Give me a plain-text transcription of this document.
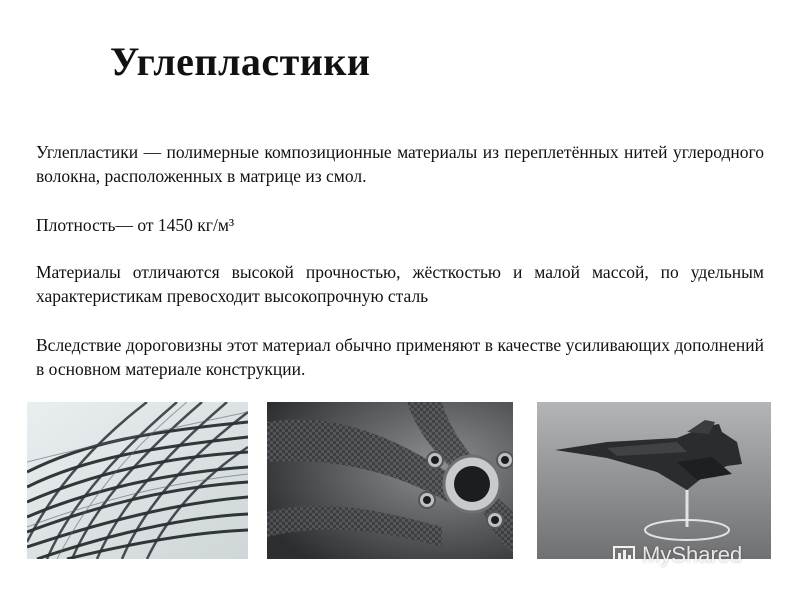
Углепластики
Углепластики — полимерные композиционные материалы из переплетённых нитей углеродного волокна, расположенных в матрице из смол.
Плотность— от 1450 кг/м³
Материалы отличаются высокой прочностью, жёсткостью и малой массой, по удельным характеристикам превосходит высокопрочную сталь
Вследствие дороговизны этот материал обычно применяют в качестве усиливающих дополнений в основном материале конструкции.
MyShared
